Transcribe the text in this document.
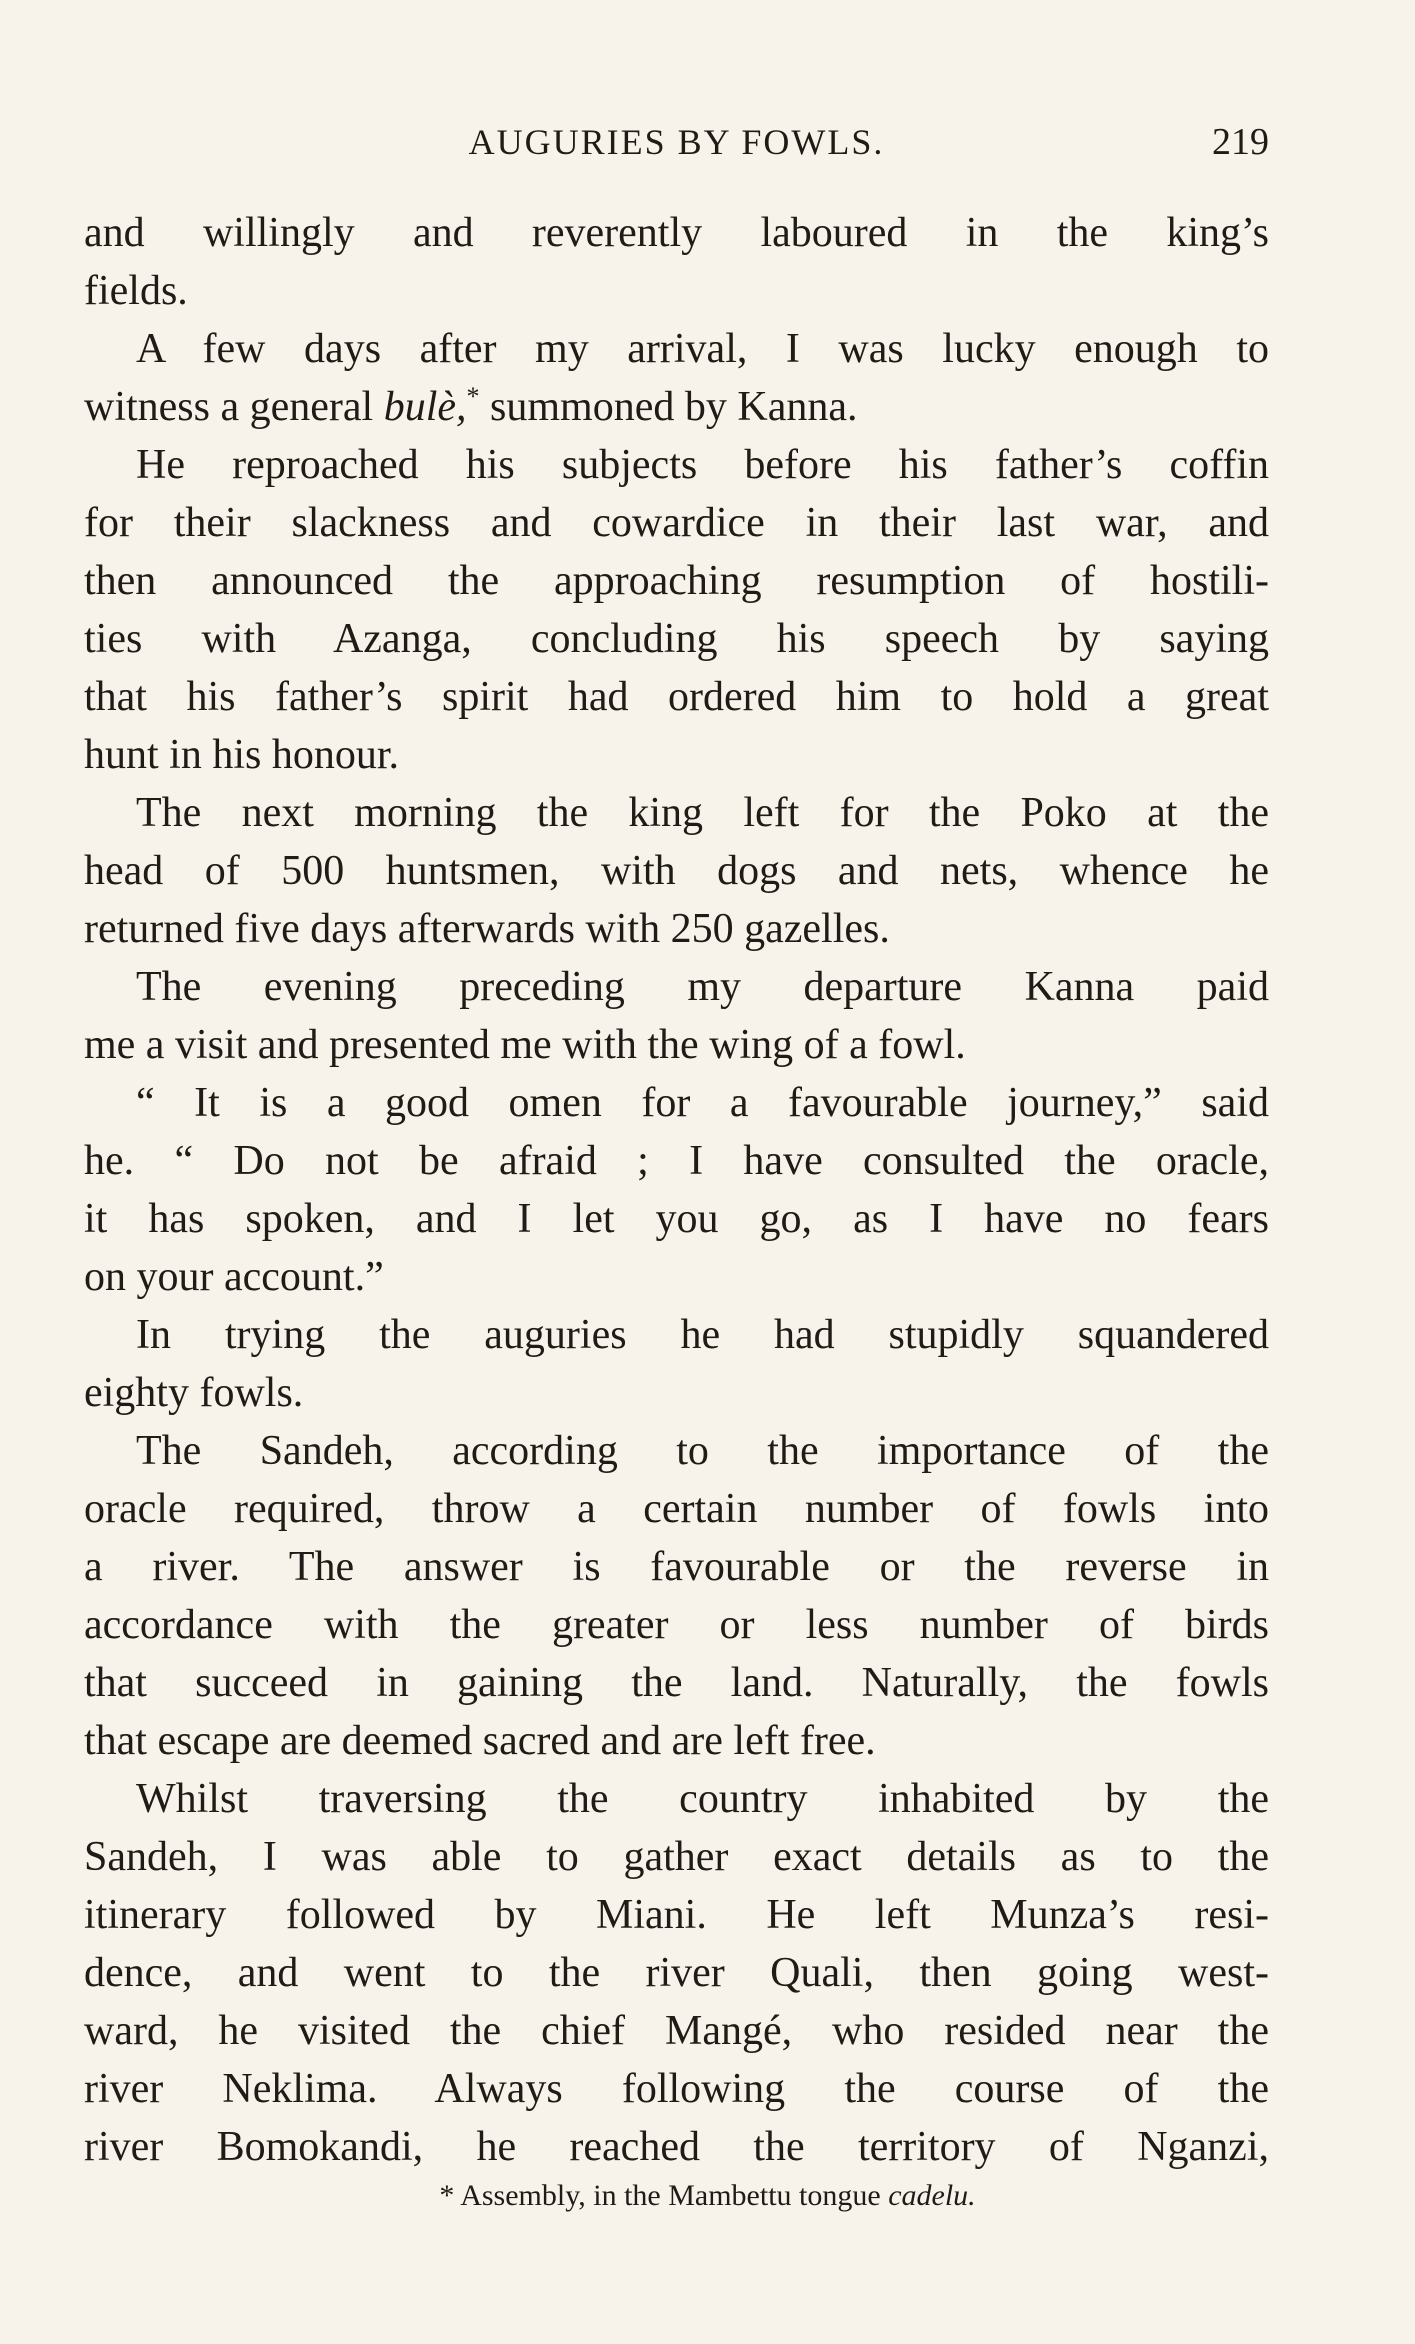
AUGURIES BY FOWLS.	219
and willingly and reverently laboured in the king’s
fields.
A few days after my arrival, I was lucky enough to
witness a general bulè,* summoned by Kanna.
He reproached his subjects before his father’s coffin
for their slackness and cowardice in their last war, and
then announced the approaching resumption of hostili-
ties with Azanga, concluding his speech by saying
that his father’s spirit had ordered him to hold a great
hunt in his honour.
The next morning the king left for the Poko at the
head of 500 huntsmen, with dogs and nets, whence he
returned five days afterwards with 250 gazelles.
The evening preceding my departure Kanna paid
me a visit and presented me with the wing of a fowl.
“ It is a good omen for a favourable journey,” said
he. “ Do not be afraid ; I have consulted the oracle,
it has spoken, and I let you go, as I have no fears
on your account.”
In trying the auguries he had stupidly squandered
eighty fowls.
The Sandeh, according to the importance of the
oracle required, throw a certain number of fowls into
a river. The answer is favourable or the reverse in
accordance with the greater or less number of birds
that succeed in gaining the land. Naturally, the fowls
that escape are deemed sacred and are left free.
Whilst traversing the country inhabited by the
Sandeh, I was able to gather exact details as to the
itinerary followed by Miani. He left Munza’s resi-
dence, and went to the river Quali, then going west-
ward, he visited the chief Mangé, who resided near the
river Neklima. Always following the course of the
river Bomokandi, he reached the territory of Nganzi,
* Assembly, in the Mambettu tongue cadelu.
